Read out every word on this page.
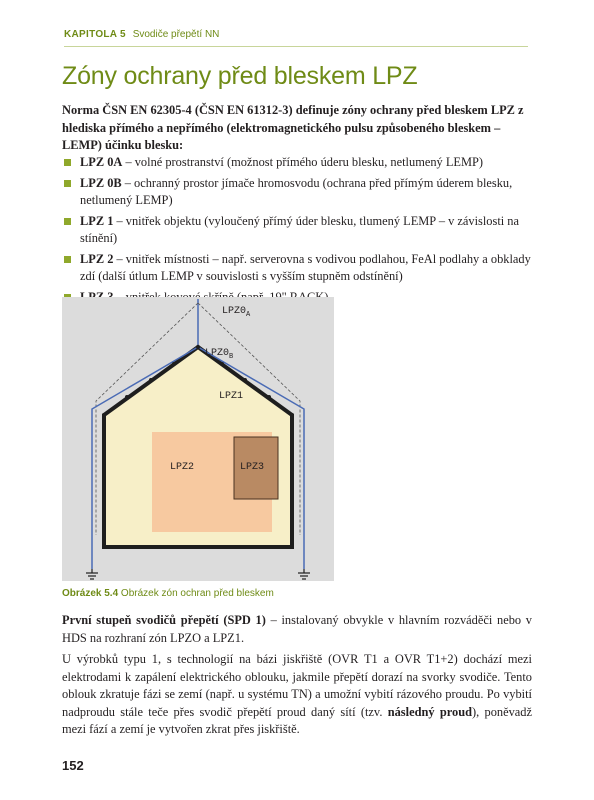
KAPITOLA 5 Svodiče přepětí NN
Zóny ochrany před bleskem LPZ

Norma ČSN EN 62305-4 (ČSN EN 61312-3) definuje zóny ochrany před bleskem LPZ z hlediska přímého a nepřímého (elektromagnetického pulsu způsobeného bleskem – LEMP) účinku blesku:

LPZ 0A – volné prostranství (možnost přímého úderu blesku, netlumený LEMP)
LPZ 0B – ochranný prostor jímače hromosvodu (ochrana před přímým úderem blesku, netlumený LEMP)
LPZ 1 – vnitřek objektu (vyloučený přímý úder blesku, tlumený LEMP – v závislosti na stínění)
LPZ 2 – vnitřek místnosti – např. serverovna s vodivou podlahou, FeAl podlahy a obklady zdí (další útlum LEMP v souvislosti s vyšším stupněm odstínění)
$LPZ0_A$
$LPZ0_B$
LPZ1
LPZ2	LPZ3
Obrázek 5.4 Obrázek zón ochran před bleskem

První stupeň svodičů přepětí (SPD 1) – instalovaný obvykle v hlavním rozváděči nebo v HDS na rozhraní zón LPZO a LPZ1.

U výrobků typu 1, s technologií na bázi jiskřiště (OVR T1 a OVR T1+2) dochází mezi elektrodami k zapálení elektrického oblouku, jakmile přepětí dorazí na svorky svodiče. Tento oblouk zkratuje fázi se zemí (např. u systému TN) a umožní vybití rázového proudu. Po vybití nadproudu stále teče přes svodič přepětí proud daný sítí (tzv. následný proud), poněvadž mezi fází a zemí je vytvořen zkrat přes jiskřiště.

152
